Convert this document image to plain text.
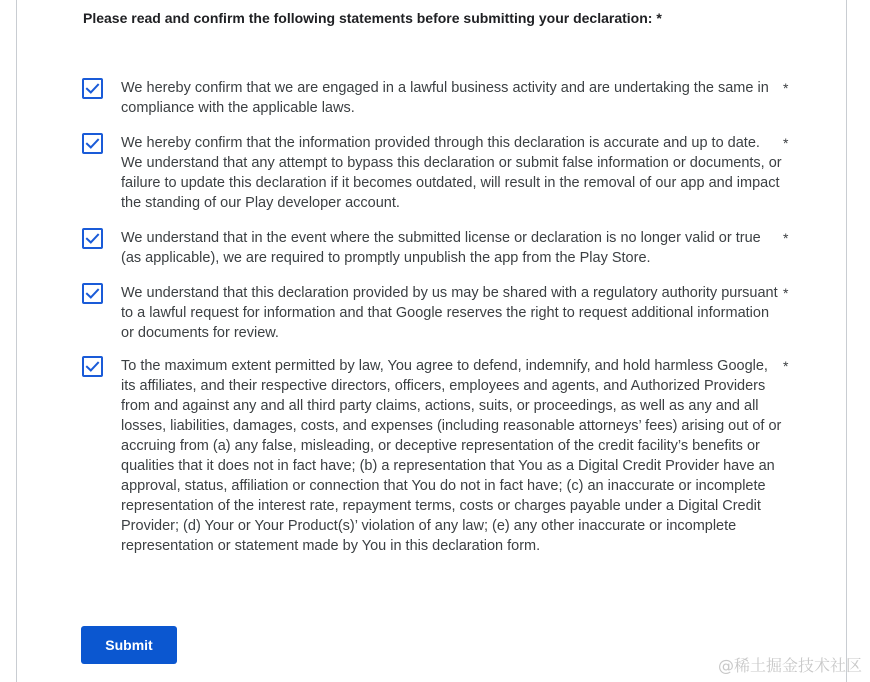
Please read and confirm the following statements before submitting your declaration: *
We hereby confirm that we are engaged in a lawful business activity and are undertaking the same in compliance with the applicable laws.
*
We hereby confirm that the information provided through this declaration is accurate and up to date. We understand that any attempt to bypass this declaration or submit false information or documents, or failure to update this declaration if it becomes outdated, will result in the removal of our app and impact the standing of our Play developer account.
*
We understand that in the event where the submitted license or declaration is no longer valid or true (as applicable), we are required to promptly unpublish the app from the Play Store.
*
We understand that this declaration provided by us may be shared with a regulatory authority pursuant to a lawful request for information and that Google reserves the right to request additional information or documents for review.
*
To the maximum extent permitted by law, You agree to defend, indemnify, and hold harmless Google, its affiliates, and their respective directors, officers, employees and agents, and Authorized Providers from and against any and all third party claims, actions, suits, or proceedings, as well as any and all losses, liabilities, damages, costs, and expenses (including reasonable attorneys’ fees) arising out of or accruing from (a) any false, misleading, or deceptive representation of the credit facility’s benefits or qualities that it does not in fact have; (b) a representation that You as a Digital Credit Provider have an approval, status, affiliation or connection that You do not in fact have; (c) an inaccurate or incomplete representation of the interest rate, repayment terms, costs or charges payable under a Digital Credit Provider; (d) Your or Your Product(s)’ violation of any law; (e) any other inaccurate or incomplete representation or statement made by You in this declaration form.
*
Submit
@稀土掘金技术社区
